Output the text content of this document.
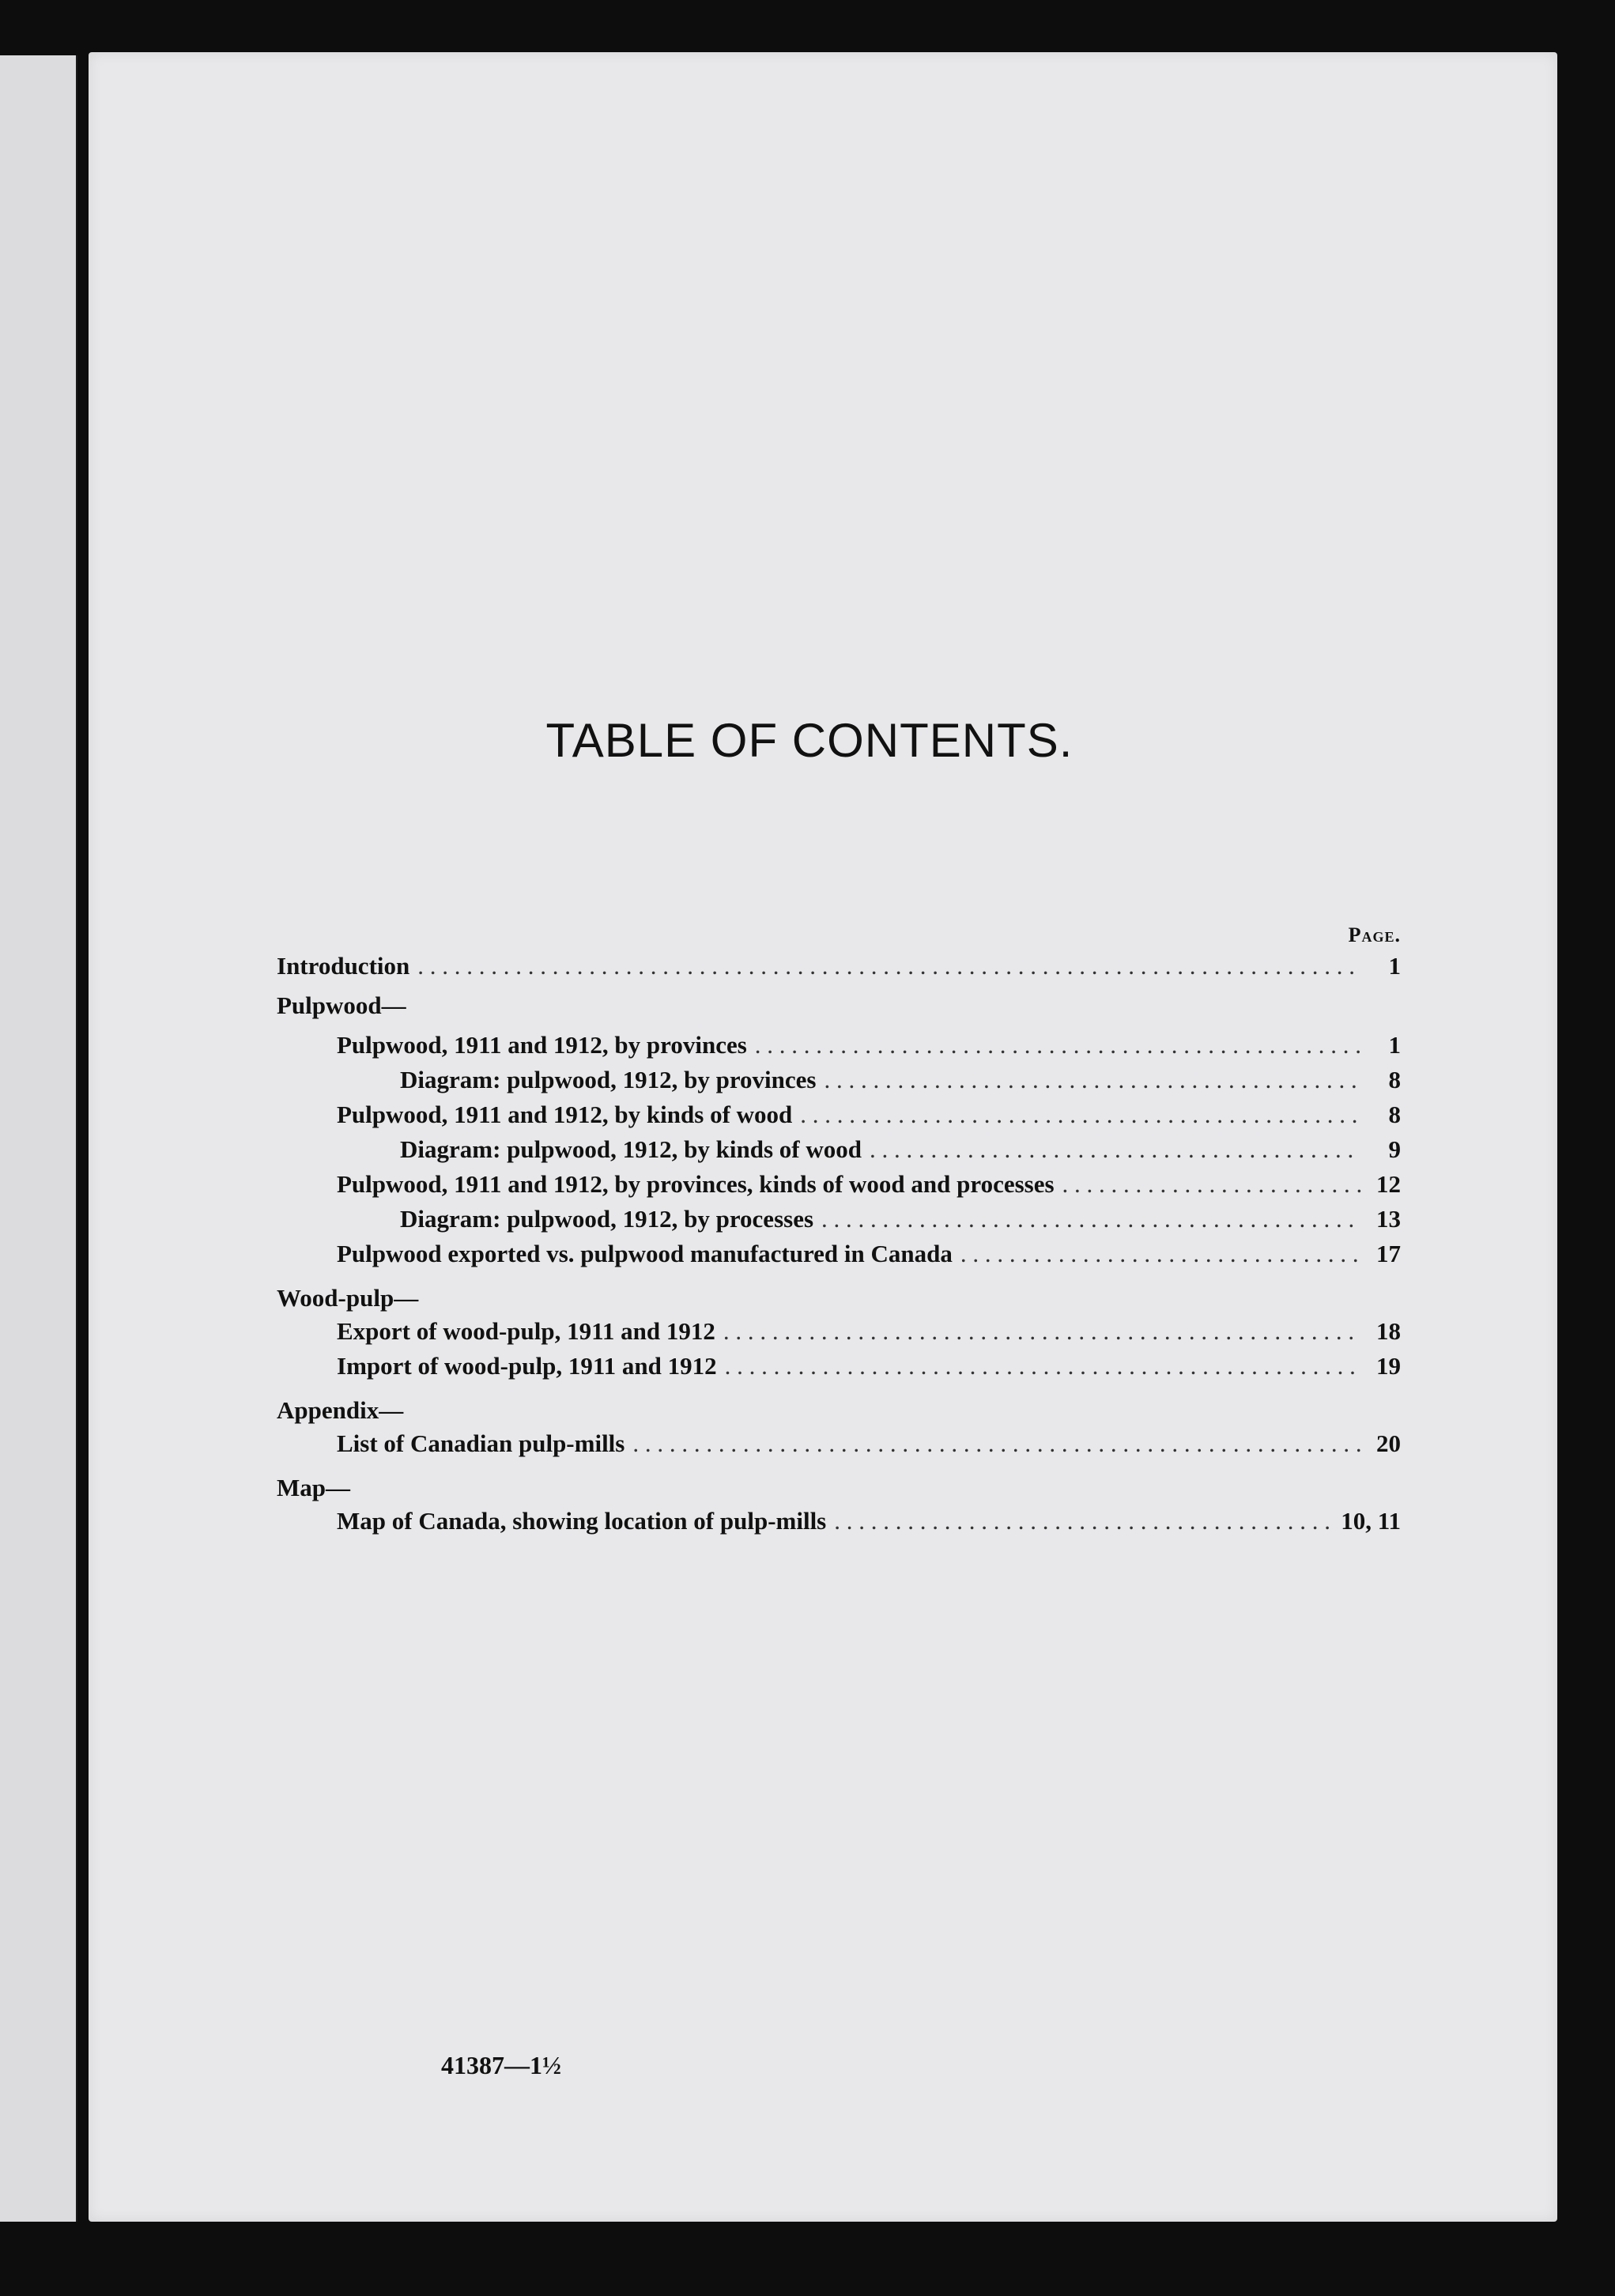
TABLE OF CONTENTS.
Page.
Introduction . . .	1
Pulpwood—
Pulpwood, 1911 and 1912, by provinces . . .	1
Diagram: pulpwood, 1912, by provinces . . .	8
Pulpwood, 1911 and 1912, by kinds of wood . . .	8
Diagram: pulpwood, 1912, by kinds of wood . . .	9
Pulpwood, 1911 and 1912, by provinces, kinds of wood and processes . . .	12
Diagram: pulpwood, 1912, by processes . . .	13
Pulpwood exported vs. pulpwood manufactured in Canada . . .	17
Wood-pulp—
Export of wood-pulp, 1911 and 1912 . . .	18
Import of wood-pulp, 1911 and 1912 . . .	19
Appendix—
List of Canadian pulp-mills . . .	20
Map—
Map of Canada, showing location of pulp-mills . . .	10, 11
41387—1½
